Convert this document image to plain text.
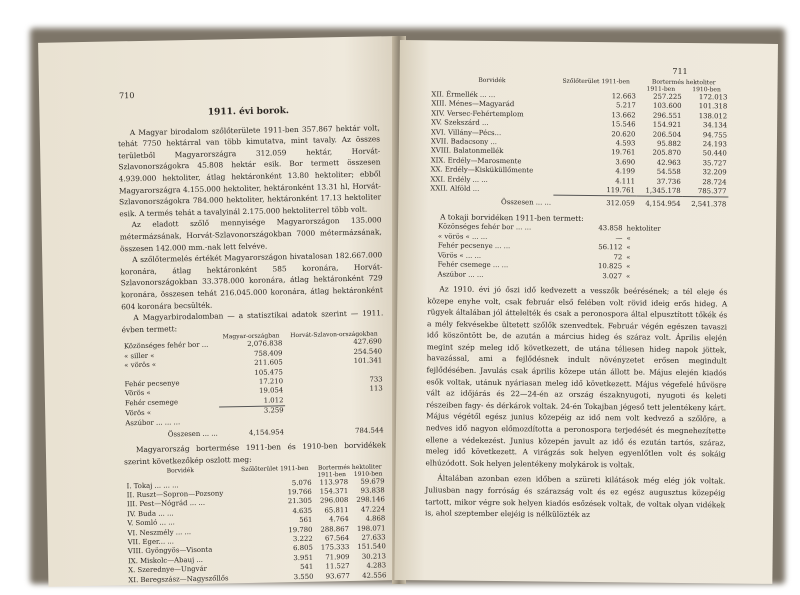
710
1911. évi borok.

A Magyar birodalom szőlőterülete 1911-ben 357.867 hektár volt, tehát 7750 hektárral van több kimutatva, mint tavaly. Az összes területből Magyarországra 312.059 hektár, Horvát-Szlavonországokra 45.808 hektár esik. Bor termett összesen 4.939.000 hektoliter, átlag hektáronként 13.80 hektoliter; ebből Magyarországra 4.155.000 hektoliter, hektáronként 13.31 hl, Horvát-Szlavonországokra 784.000 hektoliter, hektáronként 17.13 hektoliter esik. A termés tehát a tavalyinál 2.175.000 hektoliterrel több volt.

Az eladott szőlő mennyisége Magyarországon 135.000 métermázsának, Horvát-Szlavonországokban 7000 métermázsának, összesen 142.000 mm.-nak lett felvéve.

A szőlőtermelés értékét Magyarországon hivatalosan 182.667.000 koronára, átlag hektáronként 585 koronára, Horvát-Szlavonországokban 33.378.000 koronára, átlag hektáronként 729 koronára, összesen tehát 216.045.000 koronára, átlag hektáronként 604 koronára becsülték.

A Magyarbirodalomban — a statisztikai adatok szerint — 1911. évben termett:

	Magyar-országban	Horvát-Szlavon-országokban
Közönséges fehér bor ...	2,076.838	427.690
« siller «	758.409	254.540
« vörös «	211.605	101.341
	105.475	
Fehér pecsenye	17.210	733
Vörös «	19.054	113
Fehér csemege	1.012	
Vörös «	3.259	
Aszúbor ... ... ...		
Összesen ... ...	4,154.954	784.544

Magyarország bortermése 1911-ben és 1910-ben borvidékek szerint következőkép oszlott meg:

Borvidék	Szőlőterület 1911-ben	Bortermés hektoliter	
		1911-ben	1910-ben
I. Tokaj ... ... ...	5.076	113.978	59.679
II. Ruszt—Sopron—Pozsony	19.766	154.371	93.838
III. Pest—Nógrád ... ...	21.305	296.008	298.146
IV. Buda ... ...	4.635	65.811	47.224
V. Somló ... ...	561	4.764	4.868
VI. Neszmély ... ...	19.780	288.867	198.071
VII. Eger... ...	3.222	67.564	27.633
VIII. Gyöngyös—Visonta	6.805	175.333	151.540
IX. Miskolc—Abauj ...	3.951	71.909	30.213
X. Szerednye—Ungvár	541	11.527	4.283
XI. Beregszász—Nagyszőllős	3.550	93.677	42.556
711
Borvidék	Szőlőterület 1911-ben	Bortermés hektoliter	
		1911-ben	1910-ben
XII. Érmellék ... ...	12.663	257.225	172.013
XIII. Ménes—Magyarád	5.217	103.600	101.318
XIV. Versec-Fehértemplom	13.662	296.551	138.012
XV. Szekszárd ...	15.546	154.921	34.134
XVI. Villány—Pécs...	20.620	206.504	94.755
XVII. Badacsony ...	4.593	95.882	24.193
XVIII. Balatonmellék	19.761	205.870	50.440
XIX. Erdély—Marosmente	3.690	42.963	35.727
XX. Erdély—Kisküküllőmente	4.199	54.558	32.209
XXI. Erdély ... ...	4.111	37.736	28.724
XXII. Alföld ...	119.761	1,345.178	785.377
Összesen ... ...	312.059	4,154.954	2,541.378

A tokaji borvidéken 1911-ben termett:

Közönséges fehér bor ... ...	43.858	hektoliter
« vörös « ... ...	—	«
Fehér pecsenye ... ...	56.112	«
Vörös « ... ...	72	«
Fehér csemege ... ...	10.825	«
Aszúbor ... ...	3.027	«

Az 1910. évi jó őszi idő kedvezett a vesszők beérésének; a tél eleje és közepe enyhe volt, csak február első felében volt rövid ideig erős hideg. A rügyek általában jól áttelelték és csak a peronospora által elpusztított tőkék és a mély fekvésekbe ültetett szőlők szenvedtek. Február végén egészen tavaszi idő köszöntött be, de azután a március hideg és száraz volt. Április elején megint szép meleg idő következett, de utána téliesen hideg napok jöttek, havazással, ami a fejlődésnek indult növényzetet erősen megindult fejlődésében. Javulás csak április közepe után állott be. Május elején kiadós esők voltak, utánuk nyáriasan meleg idő következett. Május végefelé hűvösre vált az időjárás és 22—24-én az ország északnyugoti, nyugoti és keleti részeiben fagy- és dérkárok voltak. 24-én Tokajban jégeső tett jelentékeny kárt. Május végétől egész junius közepéig az idő nem volt kedvező a szőlőre, a nedves idő nagyon előmozdította a peronospora terjedését és megnehezítette ellene a védekezést. Junius közepén javult az idő és ezután tartós, száraz, meleg idő következett. A virágzás sok helyen egyenlőtlen volt és sokáig elhúzódott. Sok helyen jelentékeny molykárok is voltak.

Általában azonban ezen időben a szüreti kilátások még elég jók voltak. Juliusban nagy forróság és szárazság volt és ez egész augusztus közepéig tartott, mikor végre sok helyen kiadós esőzések voltak, de voltak olyan vidékek is, ahol szeptember elejéig is nélkülözték az
